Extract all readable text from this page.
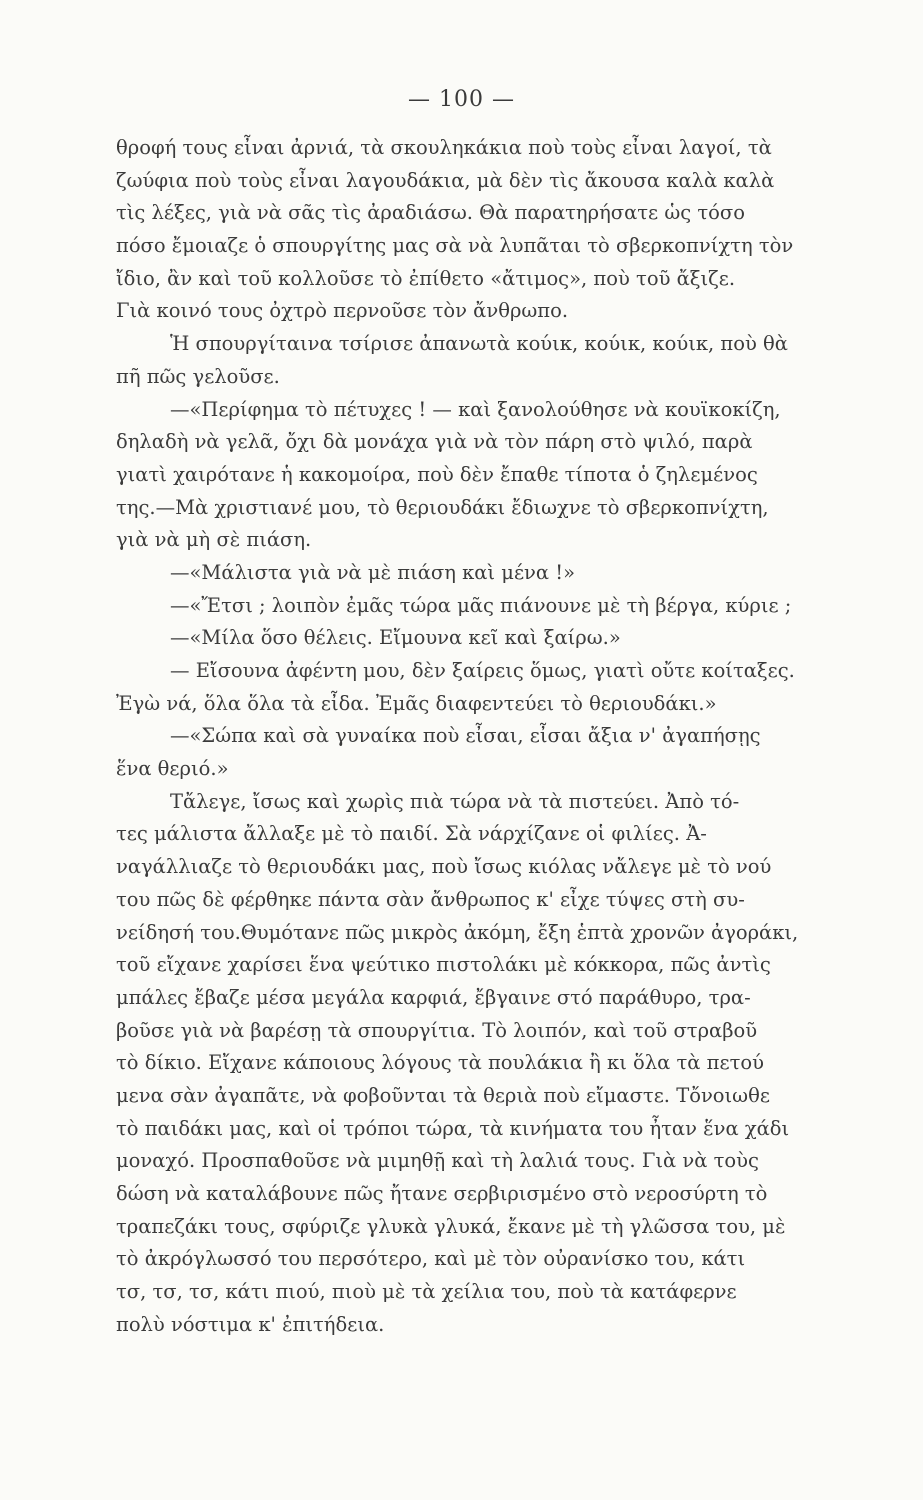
— 100 —
θροφή τους εἶναι ἀρνιά, τὰ σκουληκάκια ποὺ τοὺς εἶναι λαγοί, τὰ
ζωύφια ποὺ τοὺς εἶναι λαγουδάκια, μὰ δὲν τὶς ἄκουσα καλὰ καλὰ
τὶς λέξες, γιὰ νὰ σᾶς τὶς ἀραδιάσω. Θὰ παρατηρήσατε ὡς τόσο
πόσο ἔμοιαζε ὁ σπουργίτης μας σὰ νὰ λυπᾶται τὸ σβερκοπνίχτη τὸν
ἴδιο, ἂν καὶ τοῦ κολλοῦσε τὸ ἐπίθετο «ἄτιμος», ποὺ τοῦ ἄξιζε.
Γιὰ κοινό τους ὀχτρὸ περνοῦσε τὸν ἄνθρωπο.
Ἡ σπουργίταινα τσίρισε ἀπανωτὰ κούικ, κούικ, κούικ, ποὺ θὰ
πῆ πῶς γελοῦσε.
—«Περίφημα τὸ πέτυχες ! — καὶ ξανολούθησε νὰ κουϊκοκίζη,
δηλαδὴ νὰ γελᾶ, ὄχι δὰ μονάχα γιὰ νὰ τὸν πάρη στὸ ψιλό, παρὰ
γιατὶ χαιρότανε ἡ κακομοίρα, ποὺ δὲν ἔπαθε τίποτα ὁ ζηλεμένος
της.—Μὰ χριστιανέ μου, τὸ θεριουδάκι ἔδιωχνε τὸ σβερκοπνίχτη,
γιὰ νὰ μὴ σὲ πιάση.
—«Μάλιστα γιὰ νὰ μὲ πιάση καὶ μένα !»
—«Ἔτσι ; λοιπὸν ἐμᾶς τώρα μᾶς πιάνουνε μὲ τὴ βέργα, κύριε ;
—«Μίλα ὅσο θέλεις. Εἴμουνα κεῖ καὶ ξαίρω.»
— Εἴσουνα ἀφέντη μου, δὲν ξαίρεις ὅμως, γιατὶ οὔτε κοίταξες.
Ἐγὼ νά, ὅλα ὅλα τὰ εἶδα. Ἐμᾶς διαφεντεύει τὸ θεριουδάκι.»
—«Σώπα καὶ σὰ γυναίκα ποὺ εἶσαι, εἶσαι ἄξια ν' ἀγαπήσῃς
ἕνα θεριό.»
Τἄλεγε, ἴσως καὶ χωρὶς πιὰ τώρα νὰ τὰ πιστεύει. Ἀπὸ τό-
τες μάλιστα ἄλλαξε μὲ τὸ παιδί. Σὰ νάρχίζανε οἱ φιλίες. Ἀ-
ναγάλλιαζε τὸ θεριουδάκι μας, ποὺ ἴσως κιόλας νἄλεγε μὲ τὸ νού
του πῶς δὲ φέρθηκε πάντα σὰν ἄνθρωπος κ' εἶχε τύψες στὴ συ-
νείδησή του.Θυμότανε πῶς μικρὸς ἀκόμη, ἔξη ἑπτὰ χρονῶν ἀγοράκι,
τοῦ εἴχανε χαρίσει ἕνα ψεύτικο πιστολάκι μὲ κόκκορα, πῶς ἀντὶς
μπάλες ἔβαζε μέσα μεγάλα καρφιά, ἔβγαινε στό παράθυρο, τρα-
βοῦσε γιὰ νὰ βαρέσῃ τὰ σπουργίτια. Τὸ λοιπόν, καὶ τοῦ στραβοῦ
τὸ δίκιο. Εἴχανε κάποιους λόγους τὰ πουλάκια ἢ κι ὅλα τὰ πετού
μενα σὰν ἀγαπᾶτε, νὰ φοβοῦνται τὰ θεριὰ ποὺ εἴμαστε. Τὄνοιωθε
τὸ παιδάκι μας, καὶ οἱ τρόποι τώρα, τὰ κινήματα του ἦταν ἕνα χάδι
μοναχό. Προσπαθοῦσε νὰ μιμηθῇ καὶ τὴ λαλιά τους. Γιὰ νὰ τοὺς
δώση νὰ καταλάβουνε πῶς ἤτανε σερβιρισμένο στὸ νεροσύρτη τὸ
τραπεζάκι τους, σφύριζε γλυκὰ γλυκά, ἔκανε μὲ τὴ γλῶσσα του, μὲ
τὸ ἀκρόγλωσσό του περσότερο, καὶ μὲ τὸν οὐρανίσκο του, κάτι
τσ, τσ, τσ, κάτι πιού, πιοὺ μὲ τὰ χείλια του, ποὺ τὰ κατάφερνε
πολὺ νόστιμα κ' ἐπιτήδεια.
